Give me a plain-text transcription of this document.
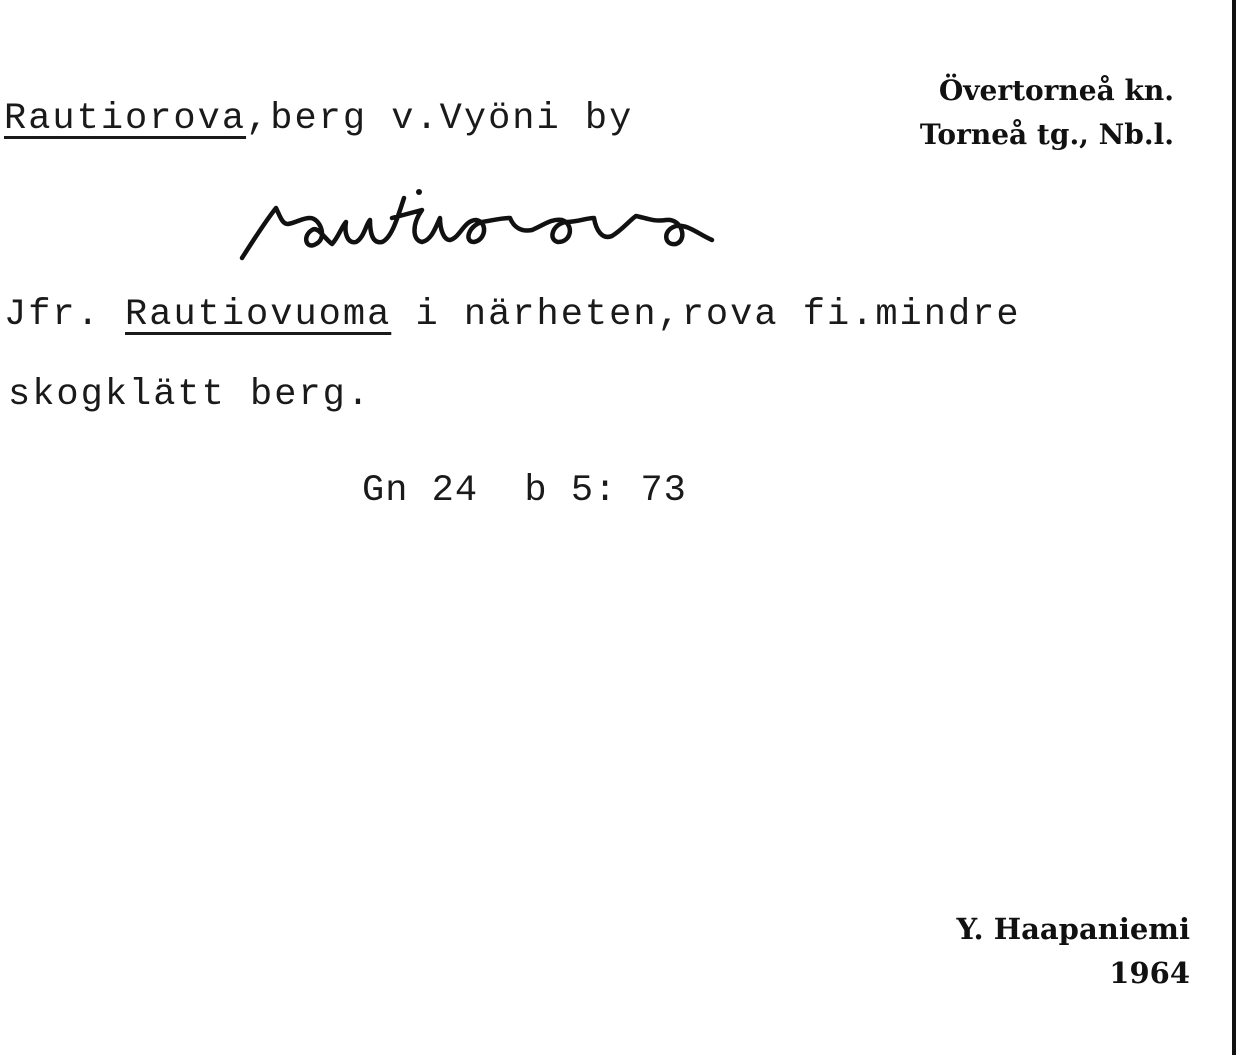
Rautiorova,berg v.Vyöni by
Övertorneå kn.
Torneå tg., Nb.l.
Jfr. Rautiovuoma i närheten,rova fi.mindre
skogklätt berg.
Gn 24  b 5: 73
Y. Haapaniemi
1964
